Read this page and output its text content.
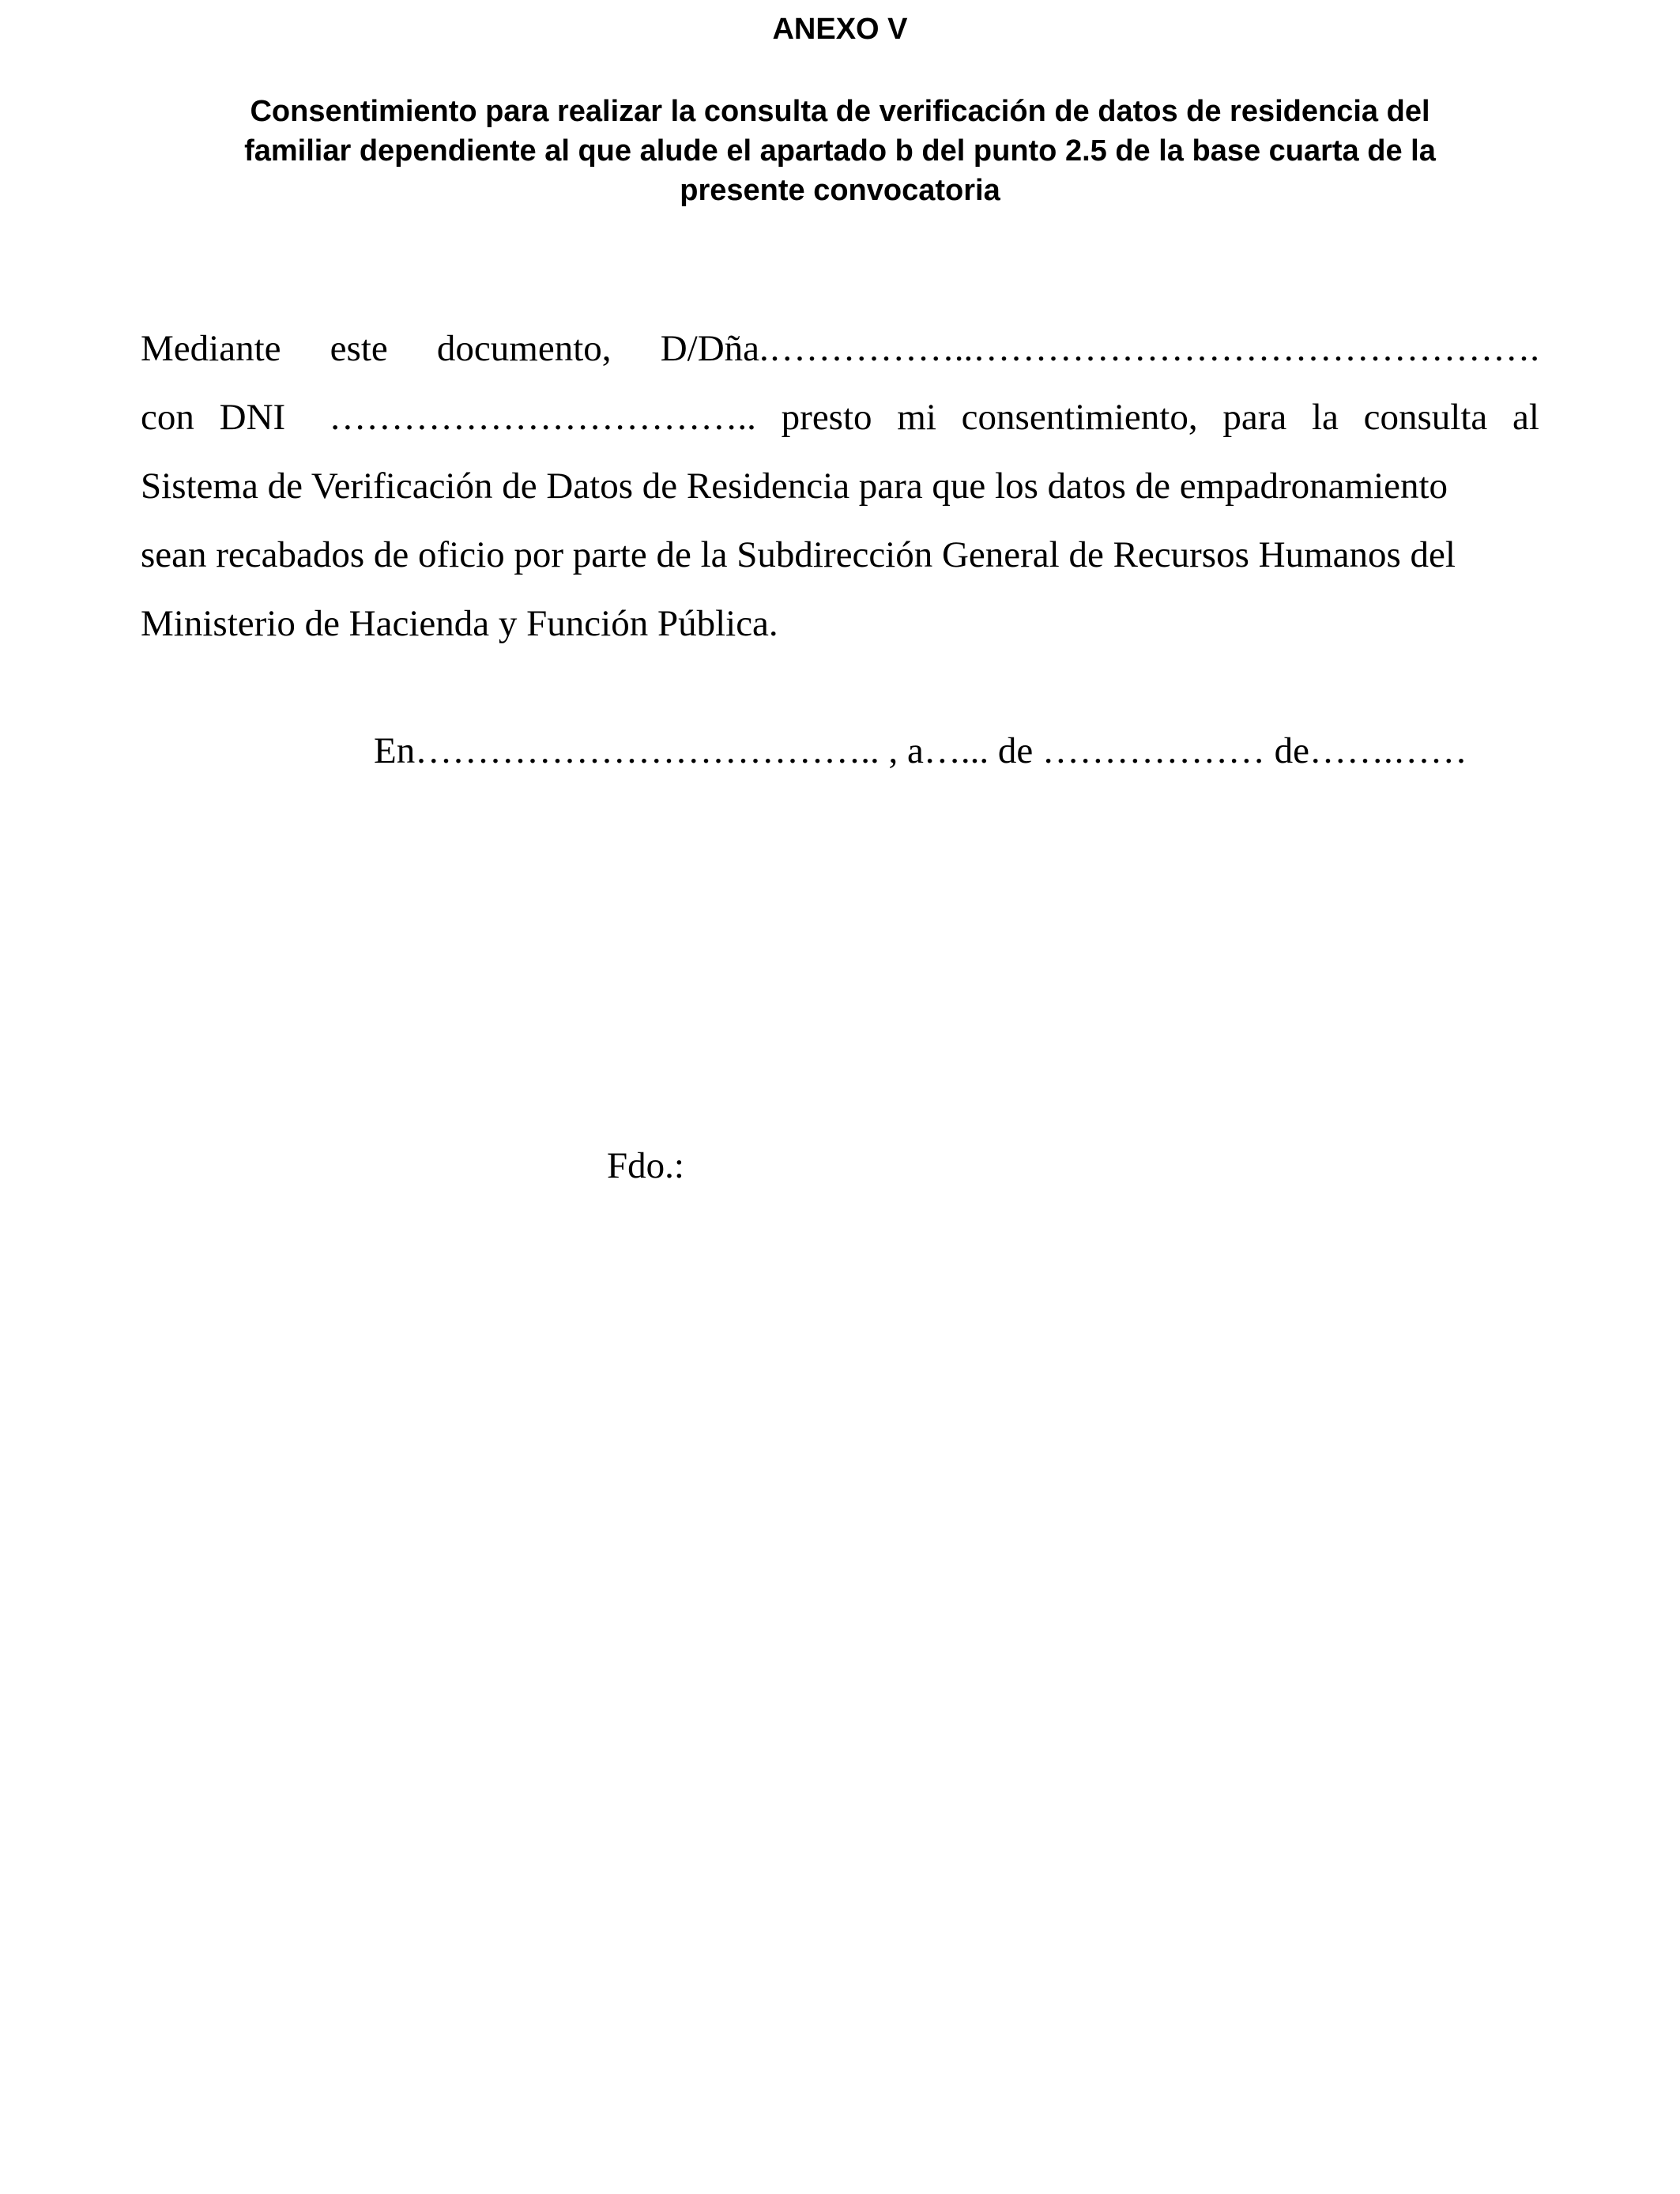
ANEXO V
Consentimiento para realizar la consulta de verificación de datos de residencia del
familiar dependiente al que alude el apartado b del punto 2.5 de la base cuarta de la
presente convocatoria
Mediante este documento, D/Dña.……………..……………………………………….
con DNI …………………………….. presto mi consentimiento, para la consulta al
Sistema de Verificación de Datos de Residencia para que los datos de empadronamiento
sean recabados de oficio por parte de la Subdirección General de Recursos Humanos del
Ministerio de Hacienda y Función Pública.
En……………………………….. , a…... de ……………… de…….……
Fdo.:
